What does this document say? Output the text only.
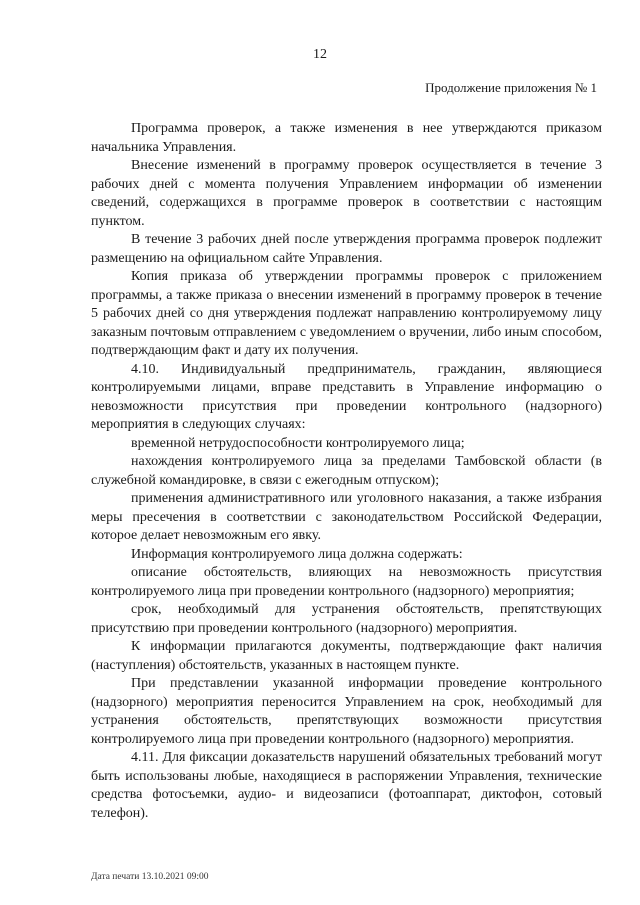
12
Продолжение приложения № 1

Программа проверок, а также изменения в нее утверждаются приказом начальника Управления.

Внесение изменений в программу проверок осуществляется в течение 3 рабочих дней с момента получения Управлением информации об изменении сведений, содержащихся в программе проверок в соответствии с настоящим пунктом.

В течение 3 рабочих дней после утверждения программа проверок подлежит размещению на официальном сайте Управления.

Копия приказа об утверждении программы проверок с приложением программы, а также приказа о внесении изменений в программу проверок в течение 5 рабочих дней со дня утверждения подлежат направлению контролируемому лицу заказным почтовым отправлением с уведомлением о вручении, либо иным способом, подтверждающим факт и дату их получения.

4.10. Индивидуальный предприниматель, гражданин, являющиеся контролируемыми лицами, вправе представить в Управление информацию о невозможности присутствия при проведении контрольного (надзорного) мероприятия в следующих случаях:

временной нетрудоспособности контролируемого лица;

нахождения контролируемого лица за пределами Тамбовской области (в служебной командировке, в связи с ежегодным отпуском);

применения административного или уголовного наказания, а также избрания меры пресечения в соответствии с законодательством Российской Федерации, которое делает невозможным его явку.

Информация контролируемого лица должна содержать:

описание обстоятельств, влияющих на невозможность присутствия контролируемого лица при проведении контрольного (надзорного) мероприятия;

срок, необходимый для устранения обстоятельств, препятствующих присутствию при проведении контрольного (надзорного) мероприятия.

К информации прилагаются документы, подтверждающие факт наличия (наступления) обстоятельств, указанных в настоящем пункте.

При представлении указанной информации проведение контрольного (надзорного) мероприятия переносится Управлением на срок, необходимый для устранения обстоятельств, препятствующих возможности присутствия контролируемого лица при проведении контрольного (надзорного) мероприятия.

4.11. Для фиксации доказательств нарушений обязательных требований могут быть использованы любые, находящиеся в распоряжении Управления, технические средства фотосъемки, аудио- и видеозаписи (фотоаппарат, диктофон, сотовый телефон).

Дата печати 13.10.2021 09:00
